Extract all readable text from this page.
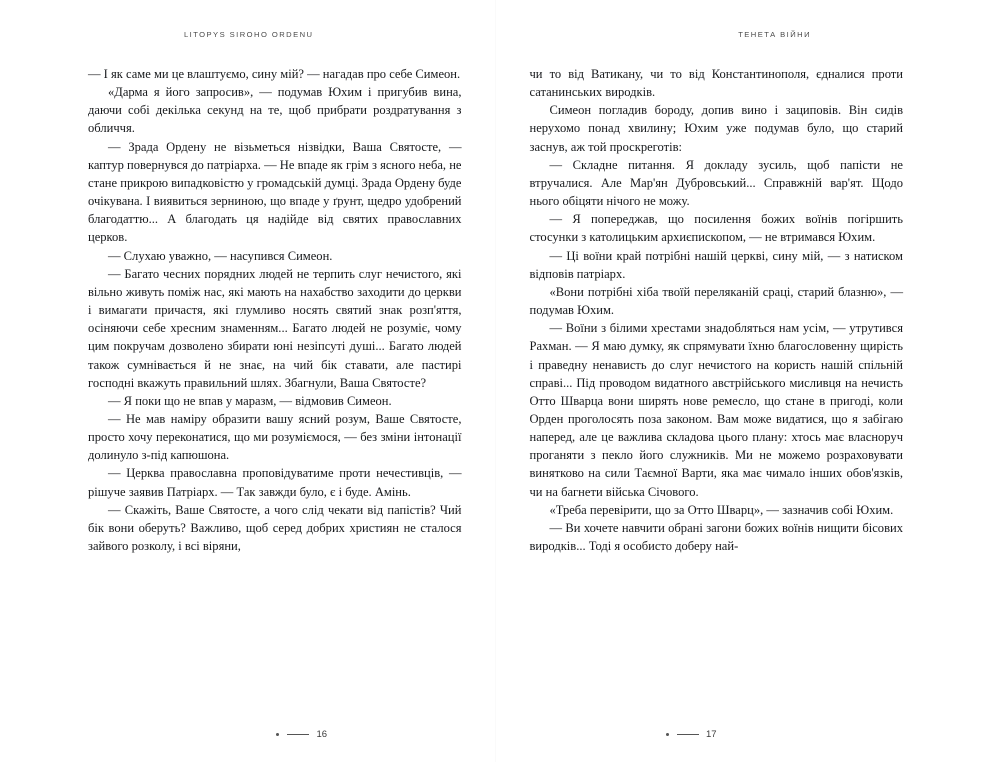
LITOPYS SIROHO ORDENU

— I як саме ми це влаштуємо, сину мій? — нагадав про себе Симеон.

«Дарма я його запросив», — подумав Юхим і пригубив вина, даючи собі декілька секунд на те, щоб прибрати роздратування з обличчя.

— Зрада Ордену не візьметься нізвідки, Ваша Святосте, — каптур повернувся до патріарха. — Не впаде як грім з ясного неба, не стане прикрою випадковістю у громадській думці. Зрада Ордену буде очікувана. І виявиться зерниною, що впаде у ґрунт, щедро удобрений благодаттю... А благодать ця надійде від святих православних церков.

— Слухаю уважно, — насупився Симеон.

— Багато чесних порядних людей не терпить слуг нечистого, які вільно живуть поміж нас, які мають на нахабство заходити до церкви і вимагати причастя, які глумливо носять святий знак розп'яття, осіняючи себе хресним знаменням... Багато людей не розуміє, чому цим покручам дозволено збирати юні незіпсуті душі... Багато людей також сумнівається й не знає, на чий бік ставати, але пастирі господні вкажуть правильний шлях. Збагнули, Ваша Святосте?

— Я поки що не впав у маразм, — відмовив Симеон.

— Не мав наміру образити вашу ясний розум, Ваше Святосте, просто хочу переконатися, що ми розуміємося, — без зміни інтонації долинуло з-під капюшона.

— Церква православна проповідуватиме проти нечестивців, — рішуче заявив Патріарх. — Так завжди було, є і буде. Амінь.

— Скажіть, Ваше Святосте, а чого слід чекати від папістів? Чий бік вони оберуть? Важливо, щоб серед добрих християн не сталося зайвого розколу, і всі віряни,

16
ТЕНЕТА ВІЙНИ

чи то від Ватикану, чи то від Константинополя, єдналися проти сатанинських виродків.

Симеон погладив бороду, допив вино і зациповів. Він сидів нерухомо понад хвилину; Юхим уже подумав було, що старий заснув, аж той проскреготів:

— Складне питання. Я докладу зусиль, щоб папісти не втручалися. Але Мар'ян Дубровський... Справжній вар'ят. Щодо нього обіцяти нічого не можу.

— Я попереджав, що посилення божих воїнів погіршить стосунки з католицьким архиєпископом, — не втримався Юхим.

— Ці воїни край потрібні нашій церкві, сину мій, — з натиском відповів патріарх.

«Вони потрібні хіба твоїй переляканій сраці, старий блазню», — подумав Юхим.

— Воїни з білими хрестами знадобляться нам усім, — утрутився Рахман. — Я маю думку, як спрямувати їхню благословенну щирість і праведну ненависть до слуг нечистого на користь нашій спільній справі... Під проводом видатного австрійського мисливця на нечисть Отто Шварца вони ширять нове ремесло, що стане в пригоді, коли Орден проголосять поза законом. Вам може видатися, що я забігаю наперед, але це важлива складова цього плану: хтось має власноруч проганяти з пекло його служників. Ми не можемо розраховувати винятково на сили Таємної Варти, яка має чимало інших обов'язків, чи на багнети війська Січового.

«Треба перевірити, що за Отто Шварц», — зазначив собі Юхим.

— Ви хочете навчити обрані загони божих воїнів нищити бісових виродків... Тоді я особисто доберу най-

17
